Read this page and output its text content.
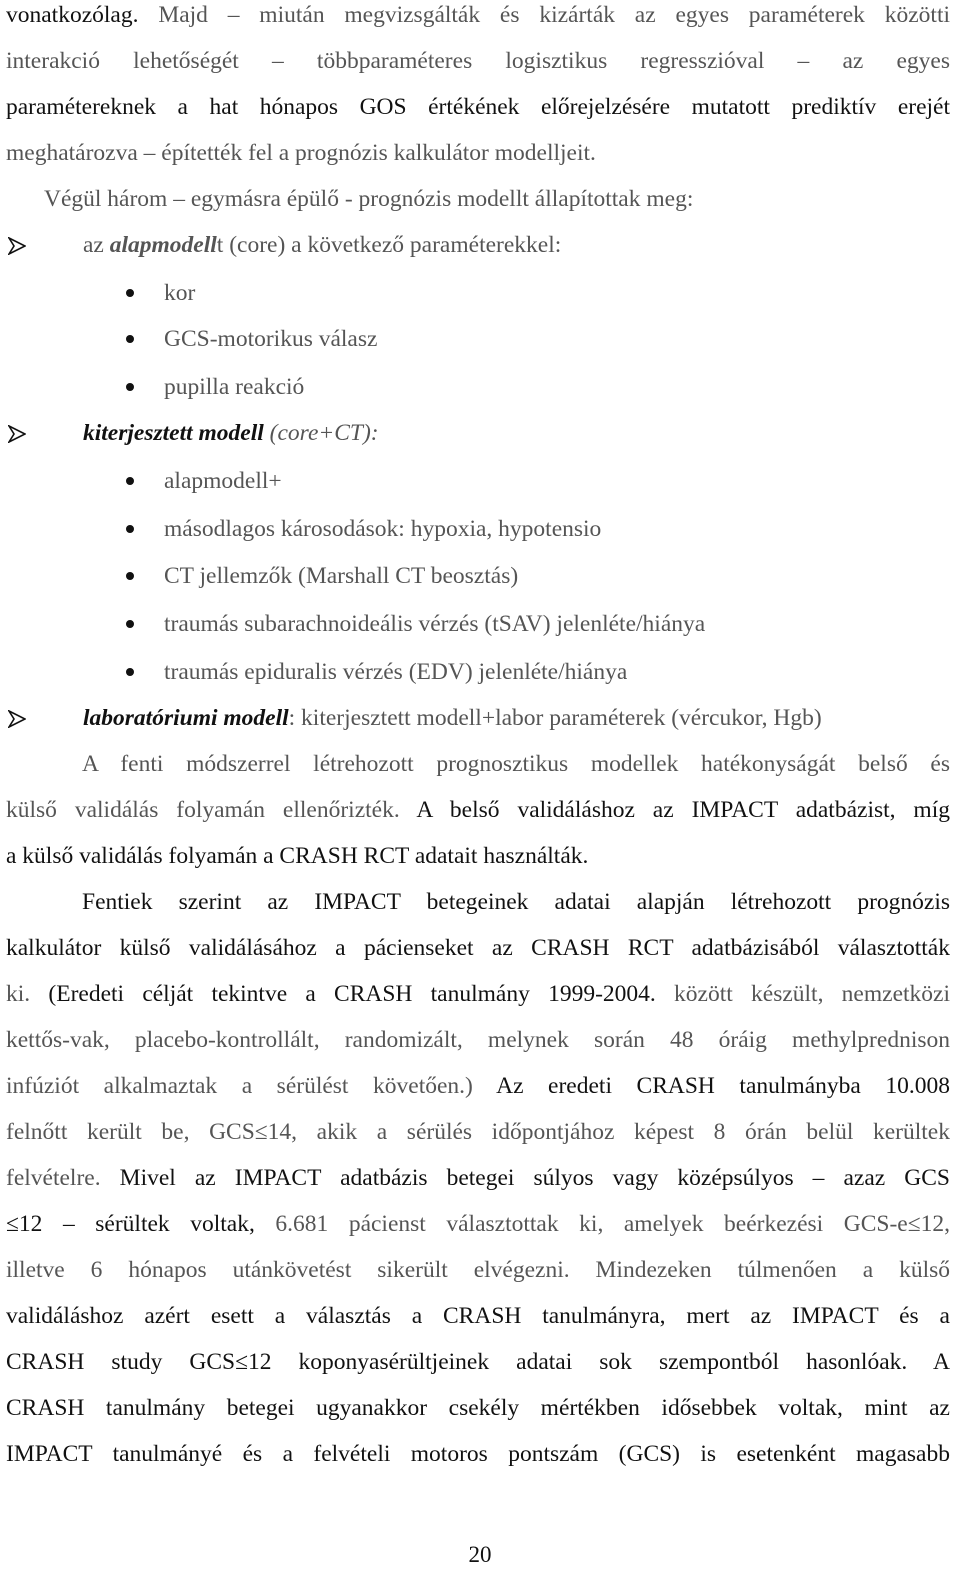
vonatkozólag. Majd – miután megvizsgálták és kizárták az egyes paraméterek közötti
interakció lehetőségét – többparaméteres logisztikus regresszióval – az egyes
paramétereknek a hat hónapos GOS értékének előrejelzésére mutatott prediktív erejét
meghatározva – építették fel a prognózis kalkulátor modelljeit.
Végül három – egymásra épülő - prognózis modellt állapítottak meg:
az alapmodellt (core) a következő paraméterekkel:
kor
GCS-motorikus válasz
pupilla reakció
kiterjesztett modell (core+CT):
alapmodell+
másodlagos károsodások: hypoxia, hypotensio
CT jellemzők (Marshall CT beosztás)
traumás subarachnoideális vérzés (tSAV) jelenléte/hiánya
traumás epiduralis vérzés (EDV) jelenléte/hiánya
laboratóriumi modell: kiterjesztett modell+labor paraméterek (vércukor, Hgb)
A fenti módszerrel létrehozott prognosztikus modellek hatékonyságát belső és
külső validálás folyamán ellenőrizték. A belső validáláshoz az IMPACT adatbázist, míg
a külső validálás folyamán a CRASH RCT adatait használták.
Fentiek szerint az IMPACT betegeinek adatai alapján létrehozott prognózis
kalkulátor külső validálásához a pácienseket az CRASH RCT adatbázisából választották
ki. (Eredeti célját tekintve a CRASH tanulmány 1999-2004. között készült, nemzetközi
kettős-vak, placebo-kontrollált, randomizált, melynek során 48 óráig methylprednison
infúziót alkalmaztak a sérülést követően.) Az eredeti CRASH tanulmányba 10.008
felnőtt került be, GCS≤14, akik a sérülés időpontjához képest 8 órán belül kerültek
felvételre. Mivel az IMPACT adatbázis betegei súlyos vagy középsúlyos – azaz GCS
≤12 – sérültek voltak, 6.681 pácienst választottak ki, amelyek beérkezési GCS-e≤12,
illetve 6 hónapos utánkövetést sikerült elvégezni. Mindezeken túlmenően a külső
validáláshoz azért esett a választás a CRASH tanulmányra, mert az IMPACT és a
CRASH study GCS≤12 koponyasérültjeinek adatai sok szempontból hasonlóak. A
CRASH tanulmány betegei ugyanakkor csekély mértékben idősebbek voltak, mint az
IMPACT tanulmányé és a felvételi motoros pontszám (GCS) is esetenként magasabb
20
